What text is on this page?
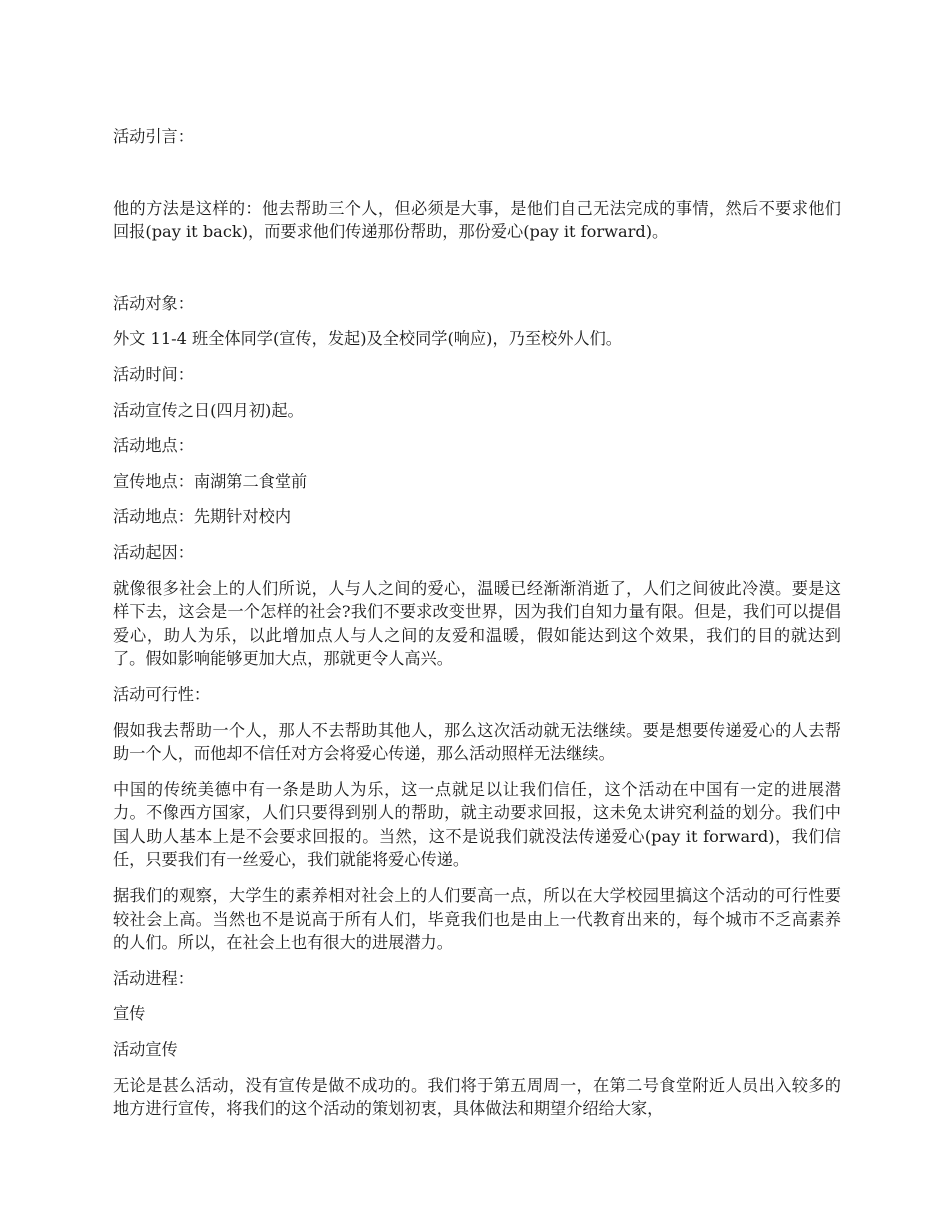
活动引言：

他的方法是这样的：他去帮助三个人，但必须是大事，是他们自己无法完成的事情，然后不要求他们回报(pay it back)，而要求他们传递那份帮助，那份爱心(pay it forward)。

活动对象：

外文 11-4 班全体同学(宣传，发起)及全校同学(响应)，乃至校外人们。

活动时间：

活动宣传之日(四月初)起。

活动地点：

宣传地点：南湖第二食堂前

活动地点：先期针对校内

活动起因：

就像很多社会上的人们所说，人与人之间的爱心，温暖已经渐渐消逝了，人们之间彼此冷漠。要是这样下去，这会是一个怎样的社会?我们不要求改变世界，因为我们自知力量有限。但是，我们可以提倡爱心，助人为乐，以此增加点人与人之间的友爱和温暖，假如能达到这个效果，我们的目的就达到了。假如影响能够更加大点，那就更令人高兴。

活动可行性：

假如我去帮助一个人，那人不去帮助其他人，那么这次活动就无法继续。要是想要传递爱心的人去帮助一个人，而他却不信任对方会将爱心传递，那么活动照样无法继续。

中国的传统美德中有一条是助人为乐，这一点就足以让我们信任，这个活动在中国有一定的进展潜力。不像西方国家，人们只要得到别人的帮助，就主动要求回报，这未免太讲究利益的划分。我们中国人助人基本上是不会要求回报的。当然，这不是说我们就没法传递爱心(pay it forward)，我们信任，只要我们有一丝爱心，我们就能将爱心传递。

据我们的观察，大学生的素养相对社会上的人们要高一点，所以在大学校园里搞这个活动的可行性要较社会上高。当然也不是说高于所有人们，毕竟我们也是由上一代教育出来的，每个城市不乏高素养的人们。所以，在社会上也有很大的进展潜力。

活动进程：

宣传

活动宣传

无论是甚么活动，没有宣传是做不成功的。我们将于第五周周一，在第二号食堂附近人员出入较多的地方进行宣传，将我们的这个活动的策划初衷，具体做法和期望介绍给大家，
